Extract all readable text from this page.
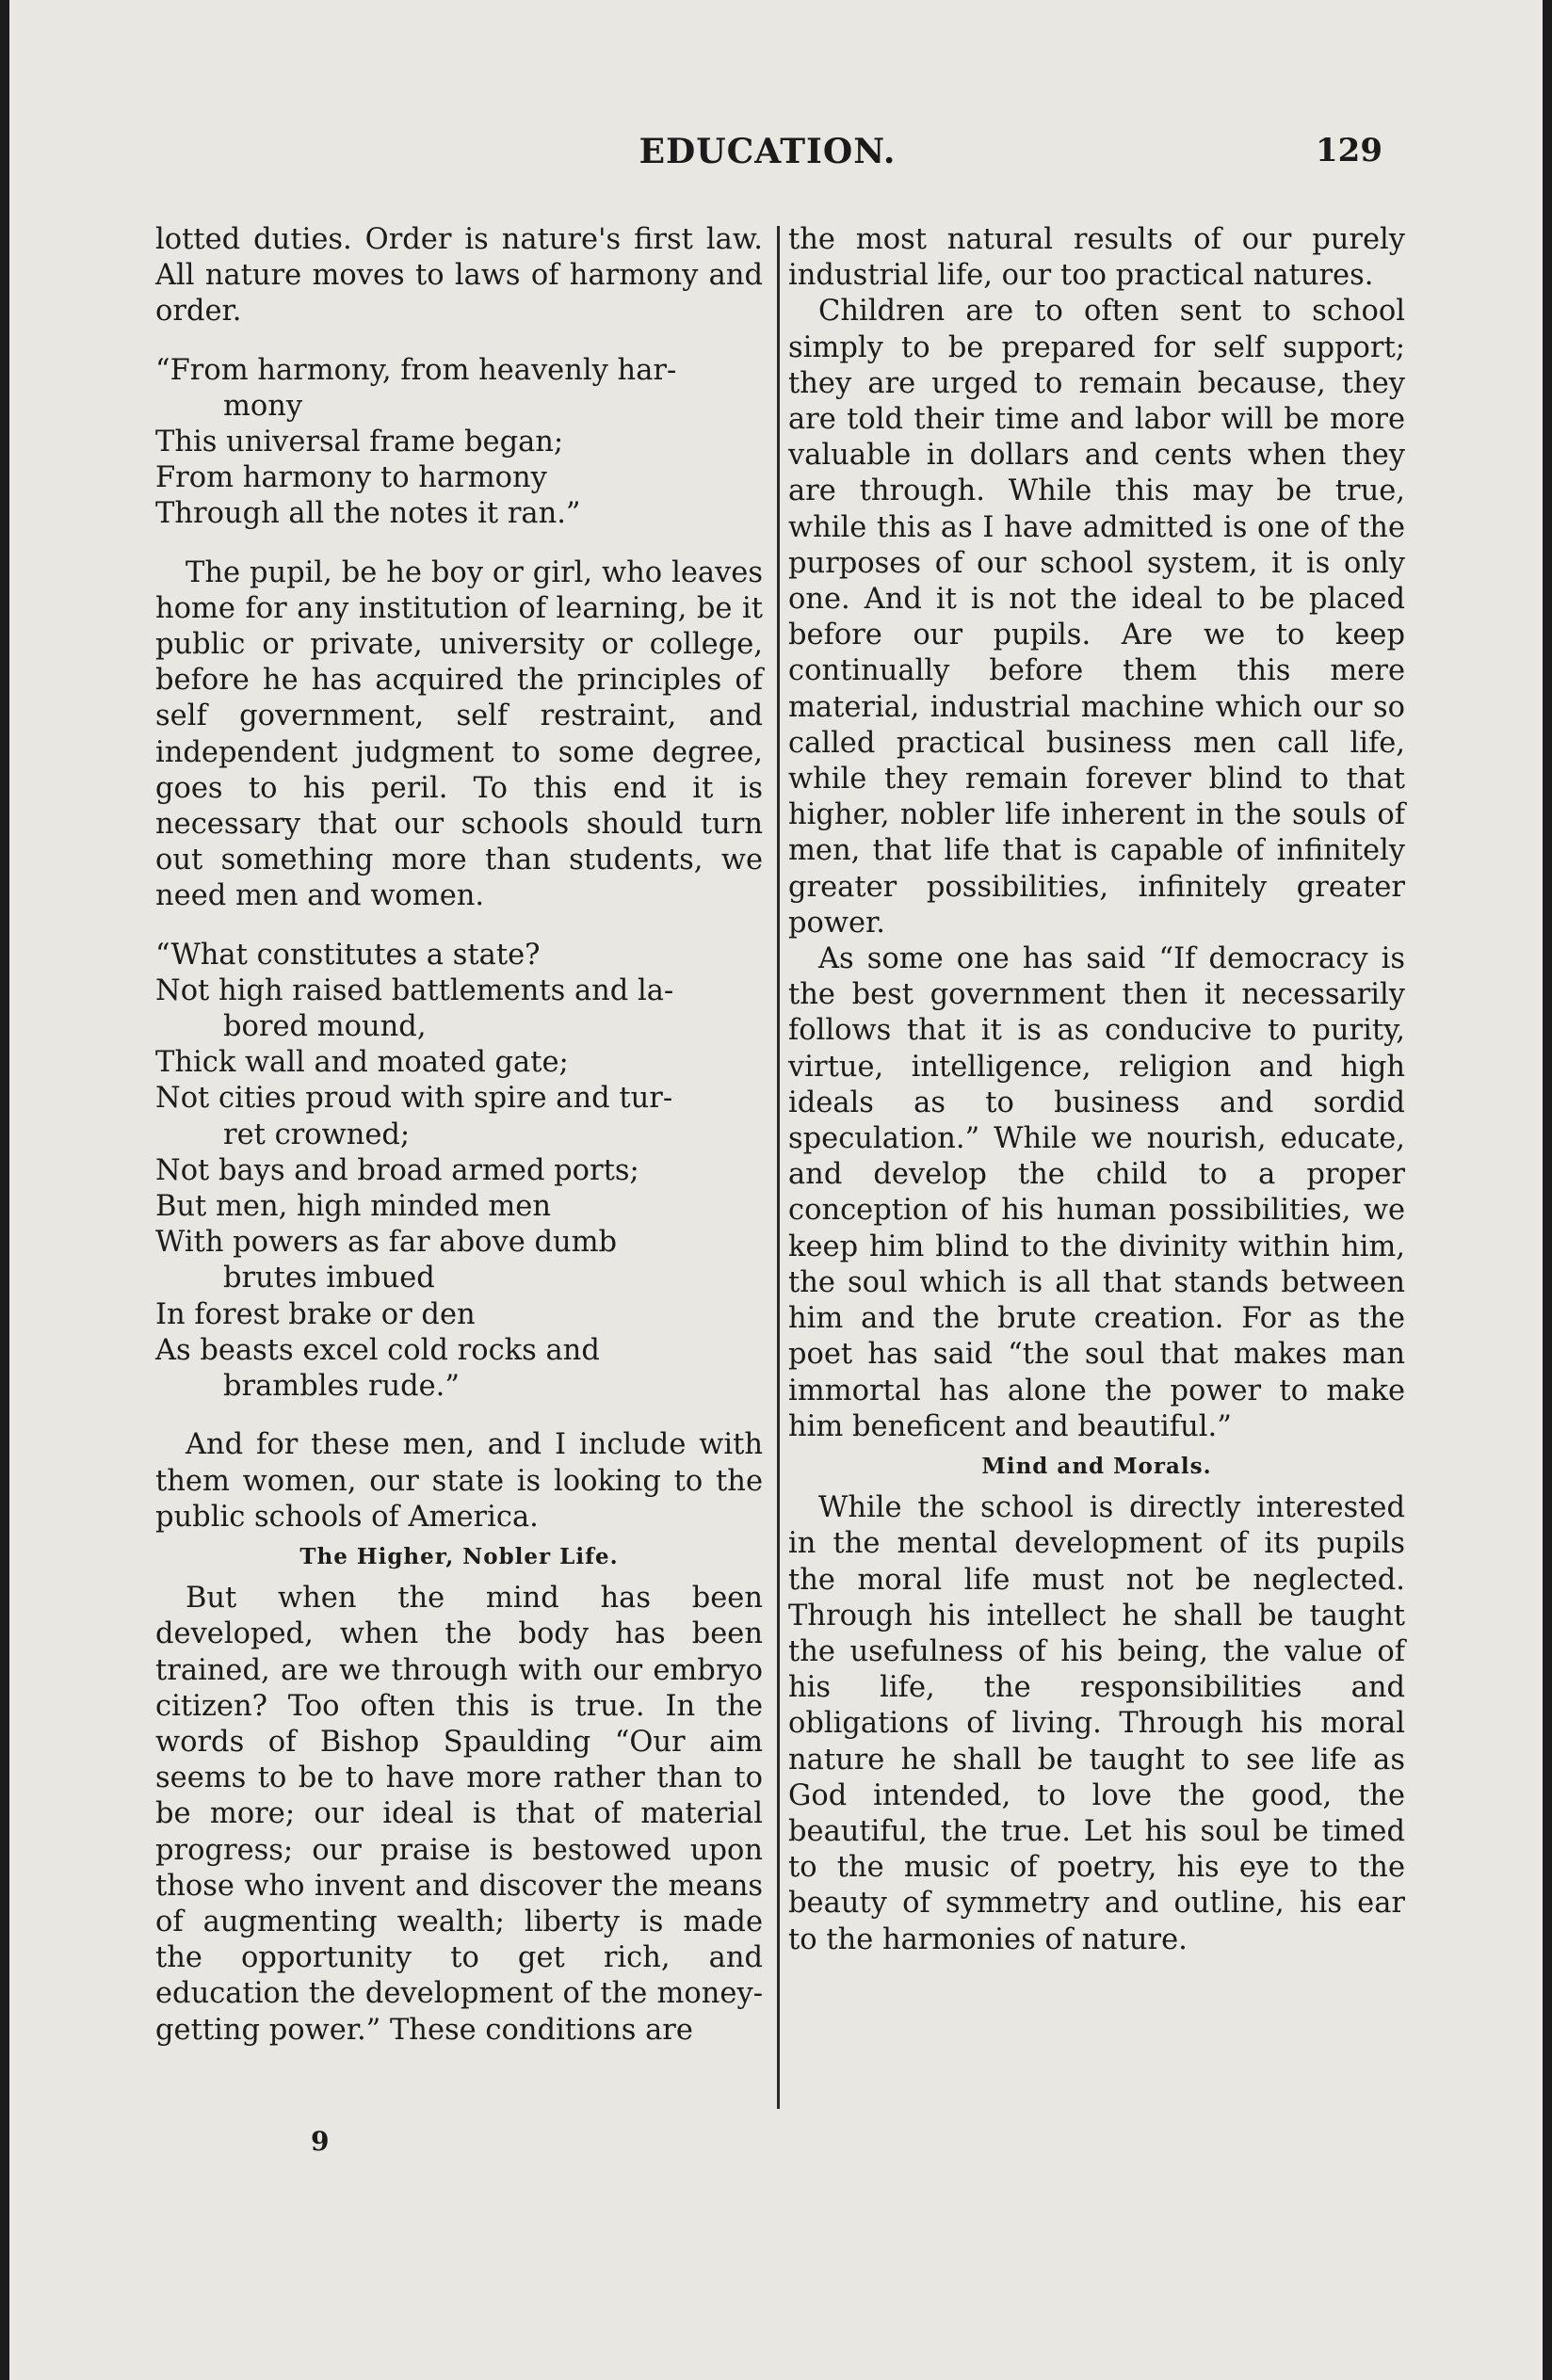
EDUCATION.	129

lotted duties. Order is nature's first law. All nature moves to laws of harmony and order.

“From harmony, from heavenly har-
mony
This universal frame began;
From harmony to harmony
Through all the notes it ran.”

The pupil, be he boy or girl, who leaves home for any institution of learning, be it public or private, university or college, before he has acquired the principles of self government, self restraint, and independent judgment to some degree, goes to his peril. To this end it is necessary that our schools should turn out something more than students, we need men and women.

“What constitutes a state?
Not high raised battlements and la-
bored mound,
Thick wall and moated gate;
Not cities proud with spire and tur-
ret crowned;
Not bays and broad armed ports;
But men, high minded men
With powers as far above dumb
brutes imbued
In forest brake or den
As beasts excel cold rocks and
brambles rude.”

And for these men, and I include with them women, our state is looking to the public schools of America.

The Higher, Nobler Life.

But when the mind has been developed, when the body has been trained, are we through with our embryo citizen? Too often this is true. In the words of Bishop Spaulding “Our aim seems to be to have more rather than to be more; our ideal is that of material progress; our praise is bestowed upon those who invent and discover the means of augmenting wealth; liberty is made the opportunity to get rich, and education the development of the money-getting power.” These conditions are

the most natural results of our purely industrial life, our too practical natures.

Children are to often sent to school simply to be prepared for self support; they are urged to remain because, they are told their time and labor will be more valuable in dollars and cents when they are through. While this may be true, while this as I have admitted is one of the purposes of our school system, it is only one. And it is not the ideal to be placed before our pupils. Are we to keep continually before them this mere material, industrial machine which our so called practical business men call life, while they remain forever blind to that higher, nobler life inherent in the souls of men, that life that is capable of infinitely greater possibilities, infinitely greater power.

As some one has said “If democracy is the best government then it necessarily follows that it is as conducive to purity, virtue, intelligence, religion and high ideals as to business and sordid speculation.” While we nourish, educate, and develop the child to a proper conception of his human possibilities, we keep him blind to the divinity within him, the soul which is all that stands between him and the brute creation. For as the poet has said “the soul that makes man immortal has alone the power to make him beneficent and beautiful.”

Mind and Morals.

While the school is directly interested in the mental development of its pupils the moral life must not be neglected. Through his intellect he shall be taught the usefulness of his being, the value of his life, the responsibilities and obligations of living. Through his moral nature he shall be taught to see life as God intended, to love the good, the beautiful, the true. Let his soul be timed to the music of poetry, his eye to the beauty of symmetry and outline, his ear to the harmonies of nature.

9
